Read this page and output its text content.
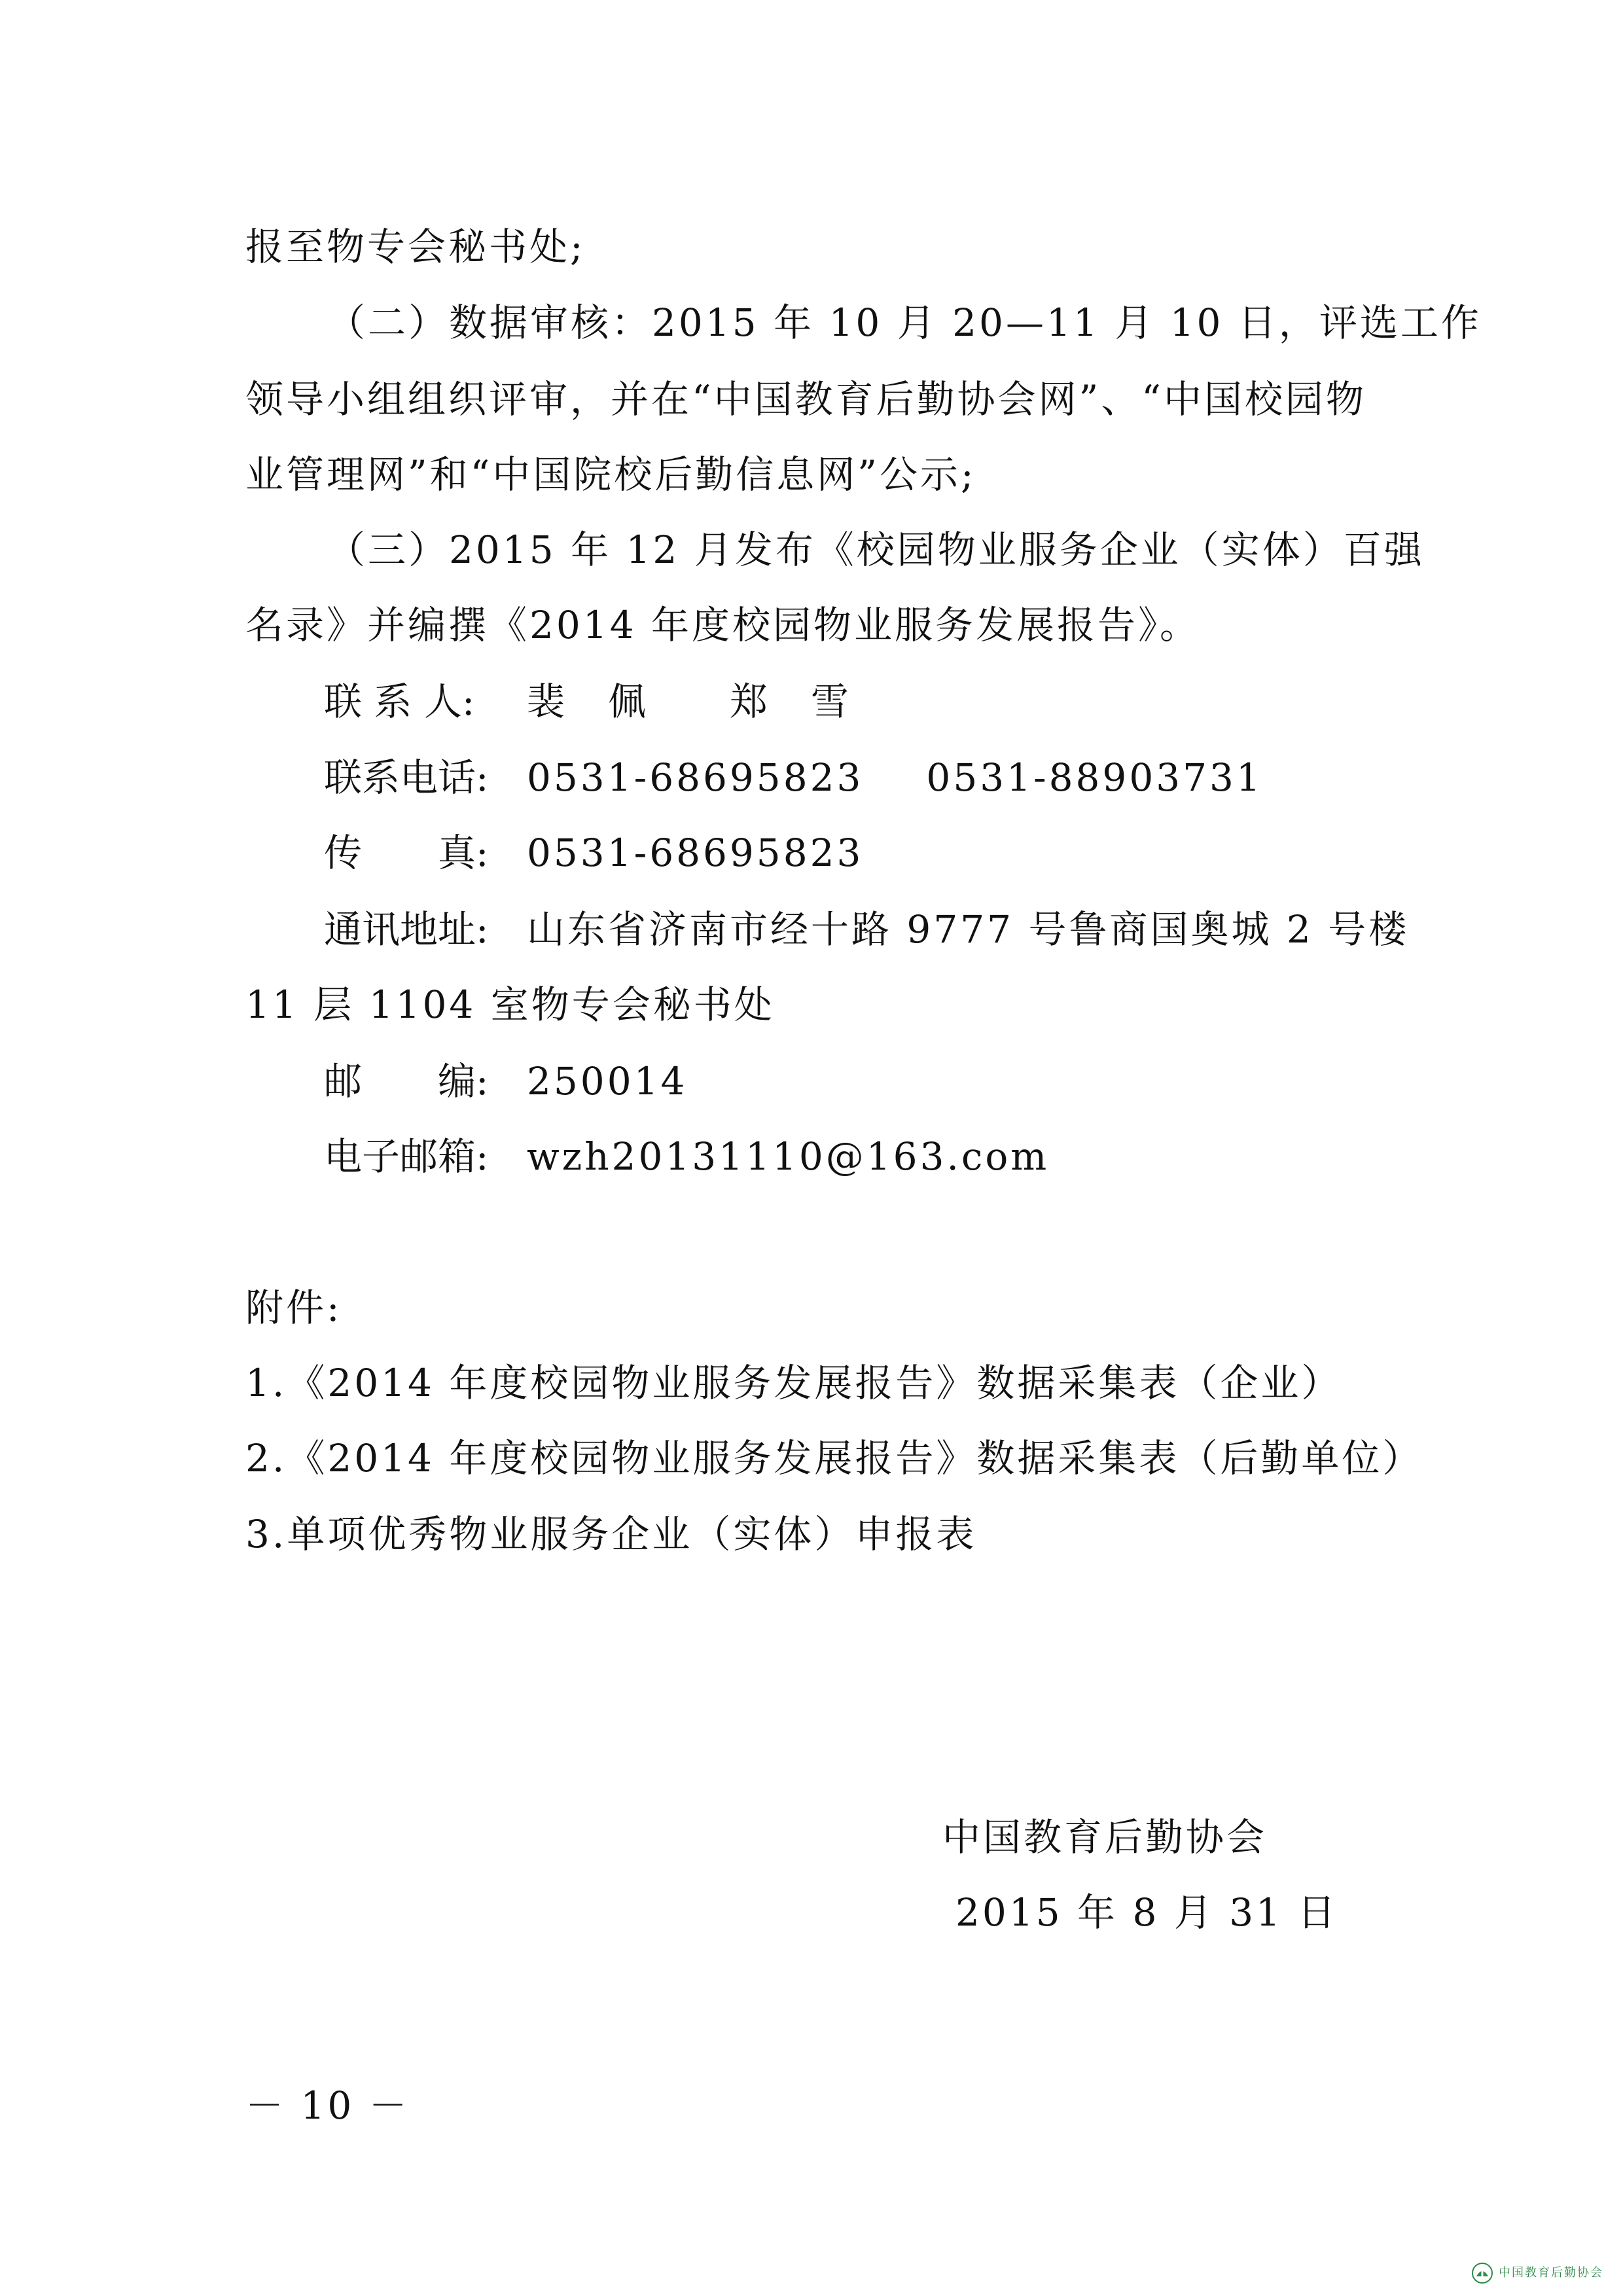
报至物专会秘书处;
（二）数据审核：2015 年 10 月 20—11 月 10 日，评选工作
领导小组组织评审，并在“中国教育后勤协会网”、“中国校园物
业管理网”和“中国院校后勤信息网”公示;
（三）2015 年 12 月发布《校园物业服务企业（实体）百强
名录》并编撰《2014 年度校园物业服务发展报告》。
联 系 人: 裴　佩　　郑　雪
联系电话: 0531-68695823 0531-88903731
传　　真: 0531-68695823
通讯地址: 山东省济南市经十路 9777 号鲁商国奥城 2 号楼
11 层 1104 室物专会秘书处
邮　　编: 250014
电子邮箱: wzh20131110@163.com
附件:
1.《2014 年度校园物业服务发展报告》数据采集表（企业）
2.《2014 年度校园物业服务发展报告》数据采集表（后勤单位）
3.单项优秀物业服务企业（实体）申报表
中国教育后勤协会
2015 年 8 月 31 日
－ 10 －
中国教育后勤协会
